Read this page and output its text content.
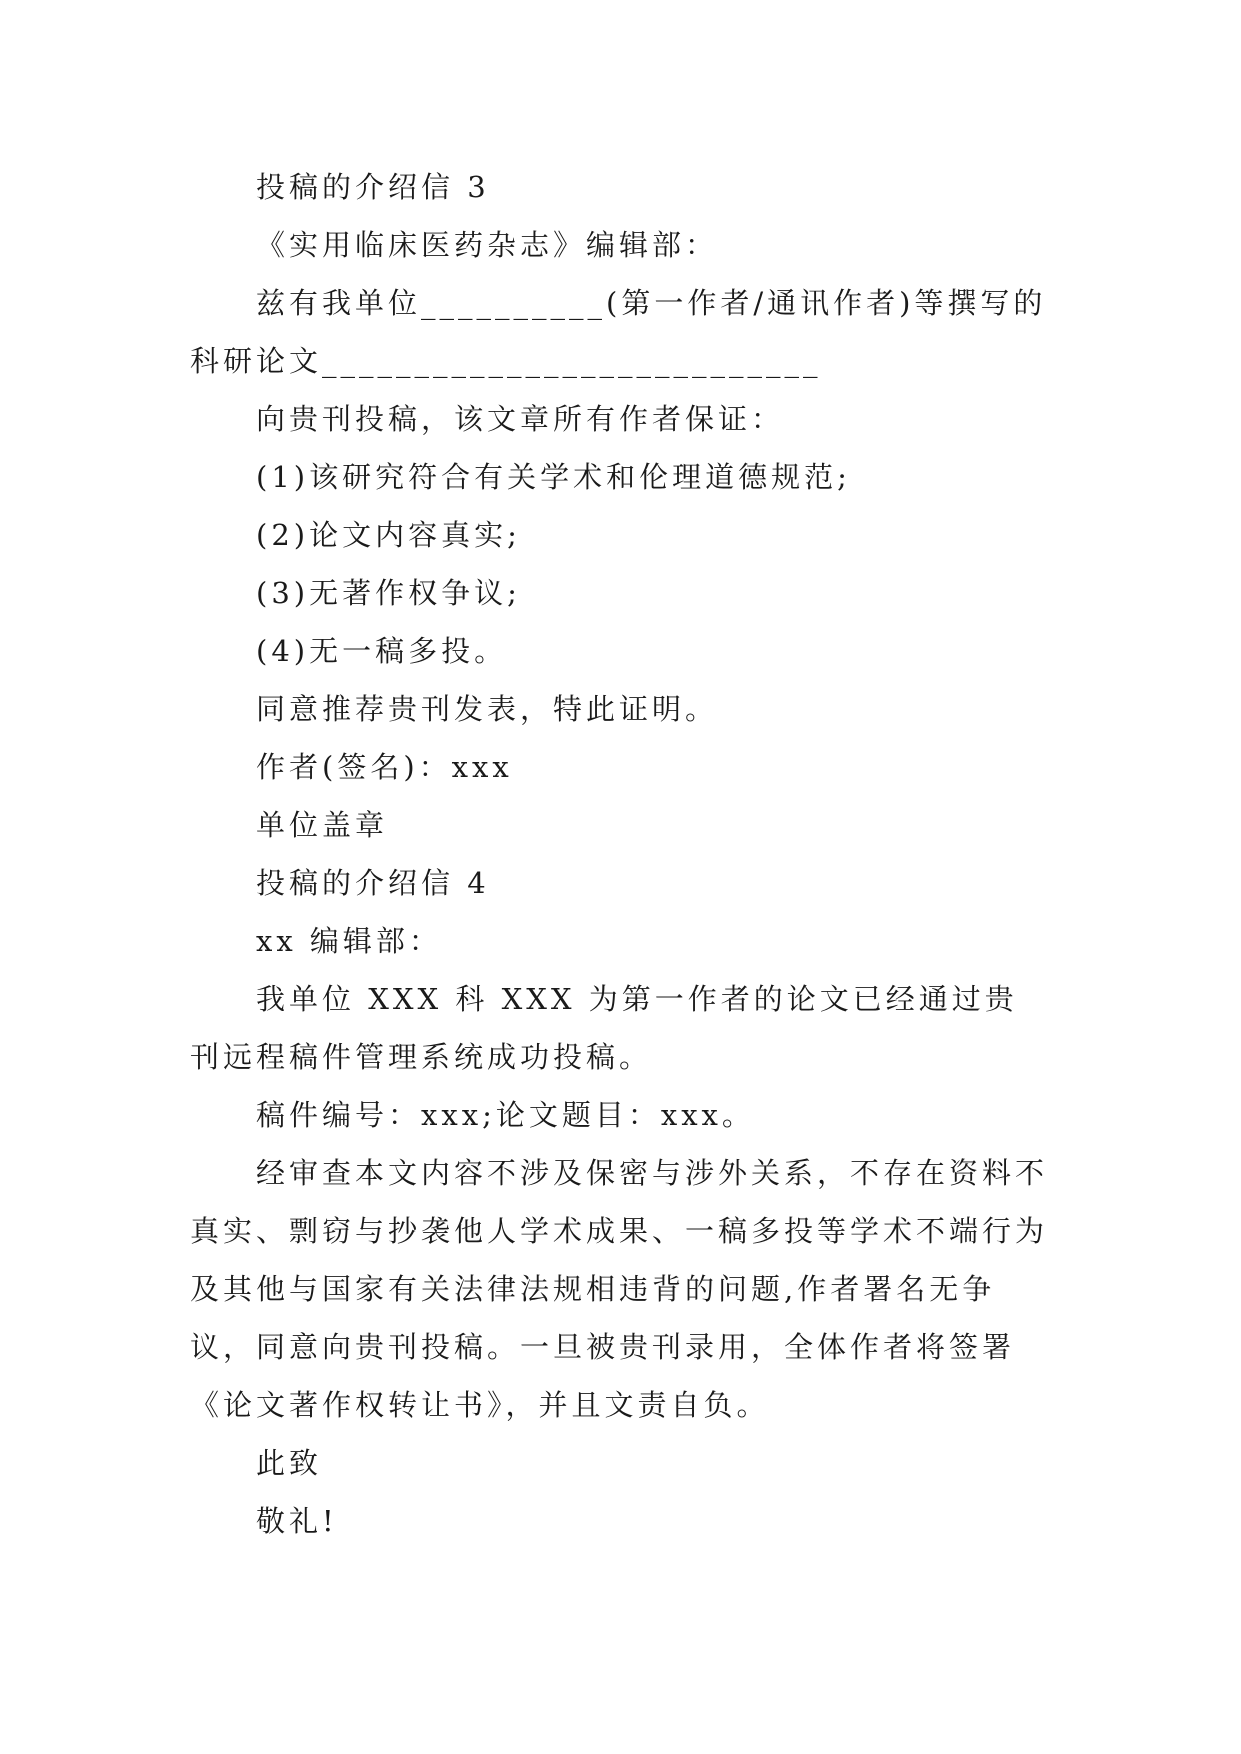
投稿的介绍信 3

《实用临床医药杂志》编辑部：

兹有我单位__________(第一作者/通讯作者)等撰写的科研论文___________________________

向贵刊投稿，该文章所有作者保证：

(1)该研究符合有关学术和伦理道德规范;

(2)论文内容真实;

(3)无著作权争议;

(4)无一稿多投。

同意推荐贵刊发表，特此证明。

作者(签名)：xxx

单位盖章

投稿的介绍信 4

xx 编辑部：

我单位 XXX 科 XXX 为第一作者的论文已经通过贵刊远程稿件管理系统成功投稿。

稿件编号：xxx;论文题目：xxx。

经审查本文内容不涉及保密与涉外关系，不存在资料不真实、剽窃与抄袭他人学术成果、一稿多投等学术不端行为及其他与国家有关法律法规相违背的问题,作者署名无争议，同意向贵刊投稿。一旦被贵刊录用，全体作者将签署《论文著作权转让书》，并且文责自负。

此致

敬礼!
